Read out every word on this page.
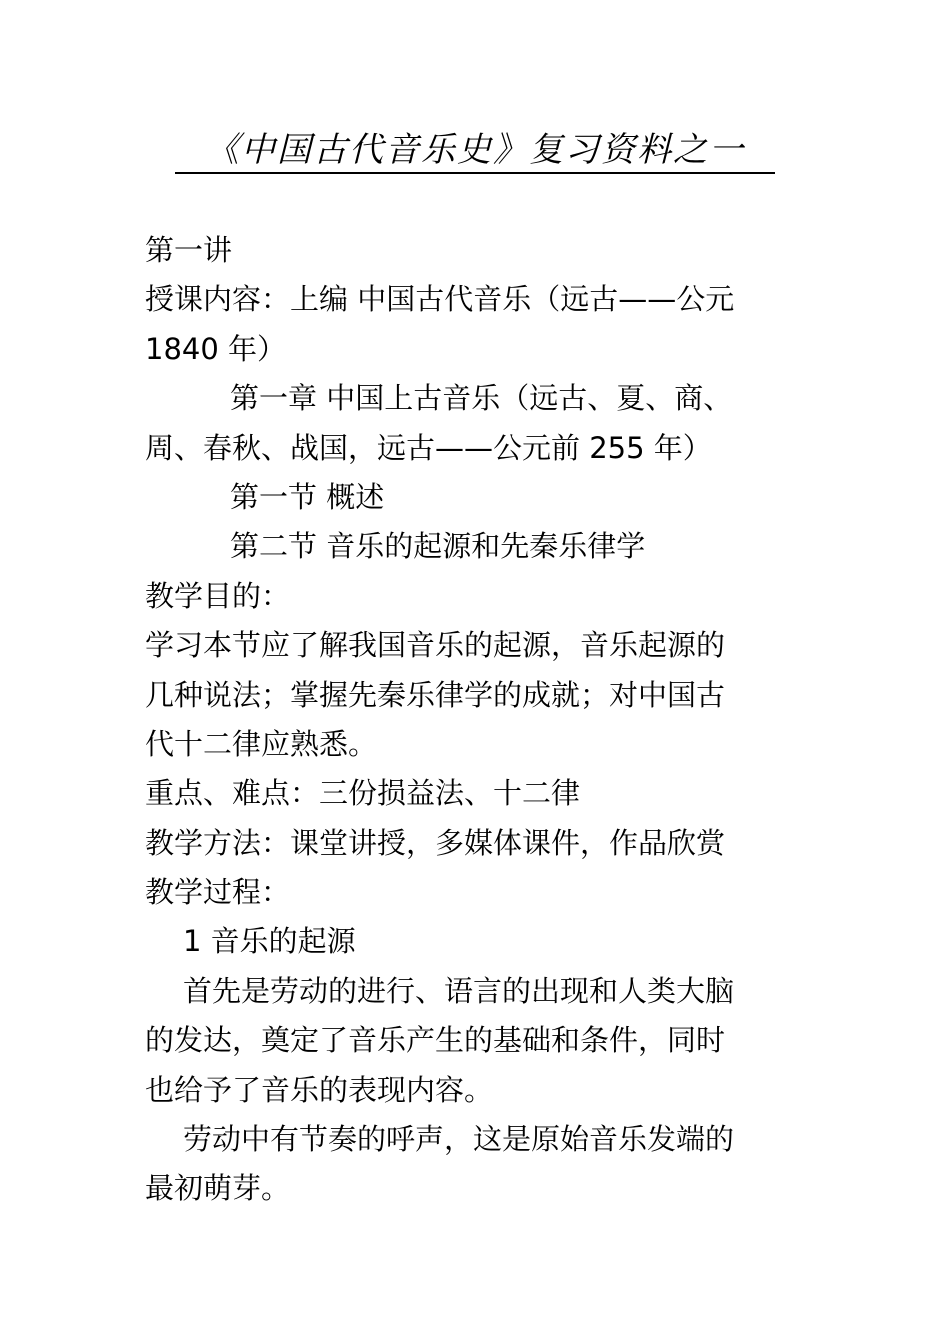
《中国古代音乐史》复习资料之一
第一讲
授课内容：上编 中国古代音乐（远古——公元
1840 年）
第一章 中国上古音乐（远古、夏、商、
周、春秋、战国，远古——公元前 255 年）
第一节 概述
第二节 音乐的起源和先秦乐律学
教学目的：
学习本节应了解我国音乐的起源，音乐起源的
几种说法；掌握先秦乐律学的成就；对中国古
代十二律应熟悉。
重点、难点：三份损益法、十二律
教学方法：课堂讲授，多媒体课件，作品欣赏
教学过程：
1 音乐的起源
首先是劳动的进行、语言的出现和人类大脑
的发达，奠定了音乐产生的基础和条件，同时
也给予了音乐的表现内容。
劳动中有节奏的呼声，这是原始音乐发端的
最初萌芽。
